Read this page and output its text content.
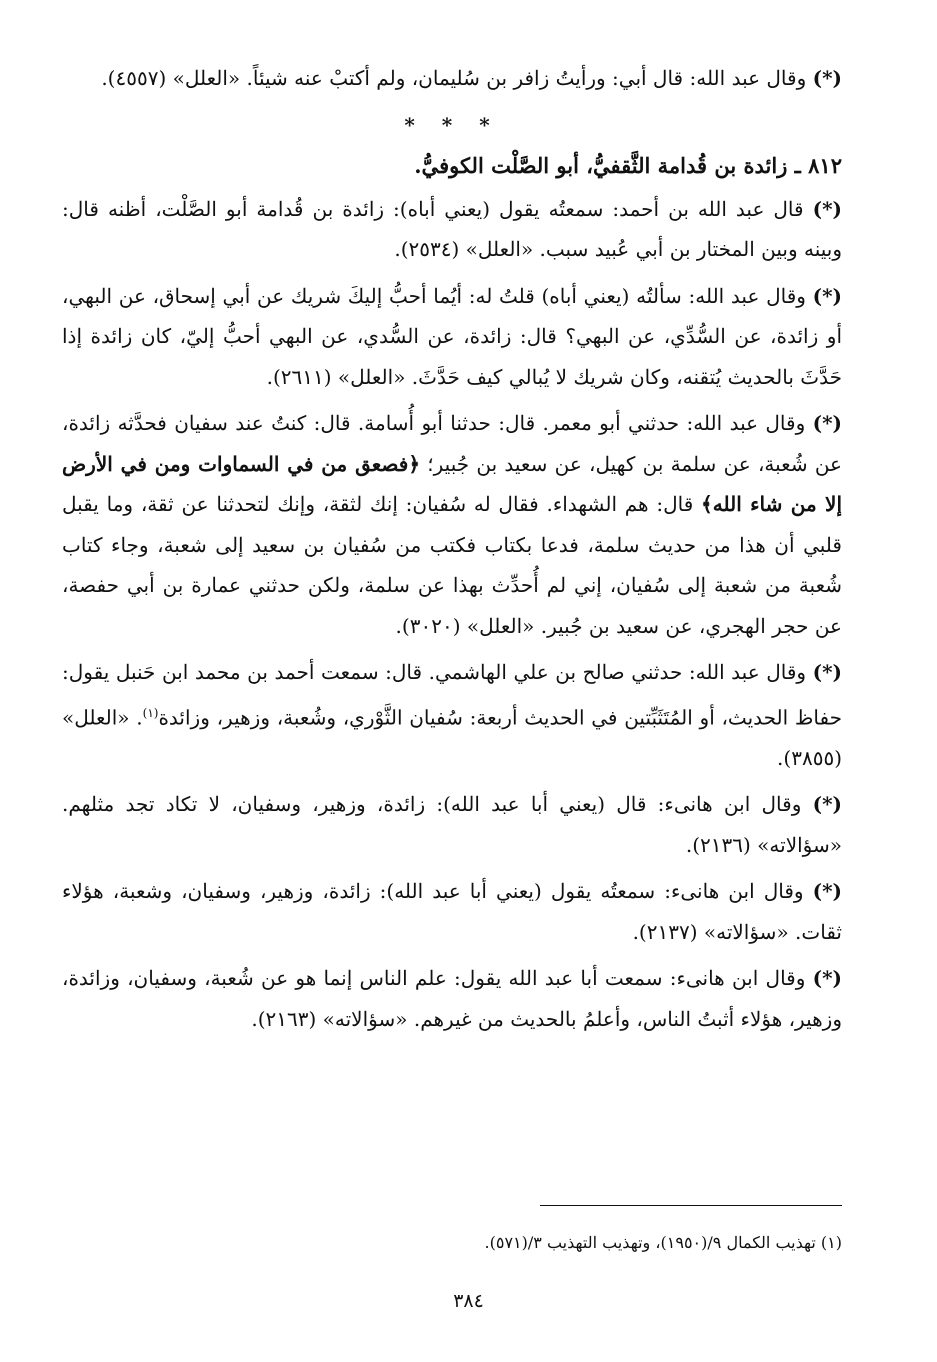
(*) وقال عبد الله: قال أبي: ورأيتُ زافر بن سُليمان، ولم أكتبْ عنه شيئاً. «العلل» (٤٥٥٧).

* * *
٨١٢ ـ زائدة بن قُدامة الثَّقفيُّ، أبو الصَّلْت الكوفيُّ.

(*) قال عبد الله بن أحمد: سمعتُه يقول (يعني أباه): زائدة بن قُدامة أبو الصَّلْت، أظنه قال: وبينه وبين المختار بن أبي عُبيد سبب. «العلل» (٢٥٣٤).

(*) وقال عبد الله: سألتُه (يعني أباه) قلتُ له: أيُما أحبُّ إليكَ شريك عن أبي إسحاق، عن البهي، أو زائدة، عن السُّدِّي، عن البهي؟ قال: زائدة، عن السُّدي، عن البهي أحبُّ إليّ، كان زائدة إذا حَدَّثَ بالحديث يُتقنه، وكان شريك لا يُبالي كيف حَدَّثَ. «العلل» (٢٦١١).

(*) وقال عبد الله: حدثني أبو معمر. قال: حدثنا أبو أُسامة. قال: كنتُ عند سفيان فحدَّثه زائدة، عن شُعبة، عن سلمة بن كهيل، عن سعيد بن جُبير؛ ﴿فصعق من في السماوات ومن في الأرض إلا من شاء الله﴾ قال: هم الشهداء. فقال له سُفيان: إنك لثقة، وإنك لتحدثنا عن ثقة، وما يقبل قلبي أن هذا من حديث سلمة، فدعا بكتاب فكتب من سُفيان بن سعيد إلى شعبة، وجاء كتاب شُعبة من شعبة إلى سُفيان، إني لم أُحدِّث بهذا عن سلمة، ولكن حدثني عمارة بن أبي حفصة، عن حجر الهجري، عن سعيد بن جُبير. «العلل» (٣٠٢٠).

(*) وقال عبد الله: حدثني صالح بن علي الهاشمي. قال: سمعت أحمد بن محمد ابن حَنبل يقول: حفاظ الحديث، أو المُتَثَبِّتين في الحديث أربعة: سُفيان الثَّوْري، وشُعبة، وزهير، وزائدة$^{(١)}$. «العلل» (٣٨٥٥).

(*) وقال ابن هانىء: قال (يعني أبا عبد الله): زائدة، وزهير، وسفيان، لا تكاد تجد مثلهم. «سؤالاته» (٢١٣٦).

(*) وقال ابن هانىء: سمعتُه يقول (يعني أبا عبد الله): زائدة، وزهير، وسفيان، وشعبة، هؤلاء ثقات. «سؤالاته» (٢١٣٧).

(*) وقال ابن هانىء: سمعت أبا عبد الله يقول: علم الناس إنما هو عن شُعبة، وسفيان، وزائدة، وزهير، هؤلاء أثبتُ الناس، وأعلمُ بالحديث من غيرهم. «سؤالاته» (٢١٦٣).

(١) تهذيب الكمال ٩/(١٩٥٠)، وتهذيب التهذيب ٣/(٥٧١).
٣٨٤
